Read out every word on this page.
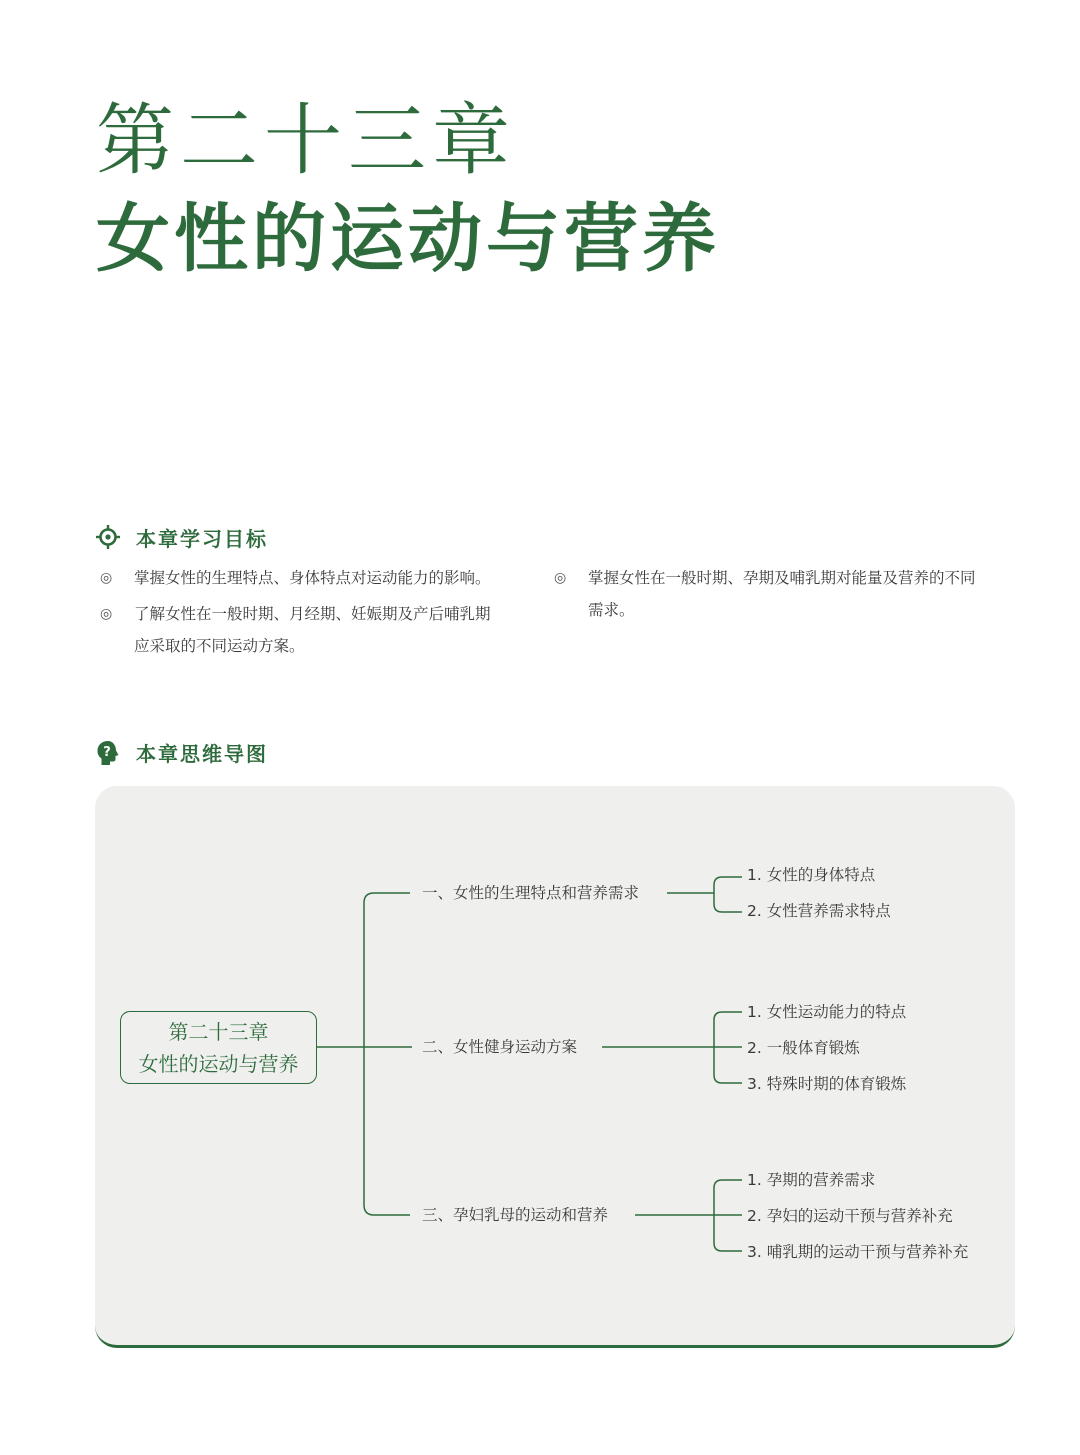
第二十三章
女性的运动与营养
本章学习目标
◎	掌握女性的生理特点、身体特点对运动能力的影响。
◎	了解女性在一般时期、月经期、妊娠期及产后哺乳期
应采取的不同运动方案。
◎	掌握女性在一般时期、孕期及哺乳期对能量及营养的不同
需求。
? 本章思维导图
第二十三章
女性的运动与营养
一、女性的生理特点和营养需求
二、女性健身运动方案
三、孕妇乳母的运动和营养
1. 女性的身体特点
2. 女性营养需求特点
1. 女性运动能力的特点
2. 一般体育锻炼
3. 特殊时期的体育锻炼
1. 孕期的营养需求
2. 孕妇的运动干预与营养补充
3. 哺乳期的运动干预与营养补充
